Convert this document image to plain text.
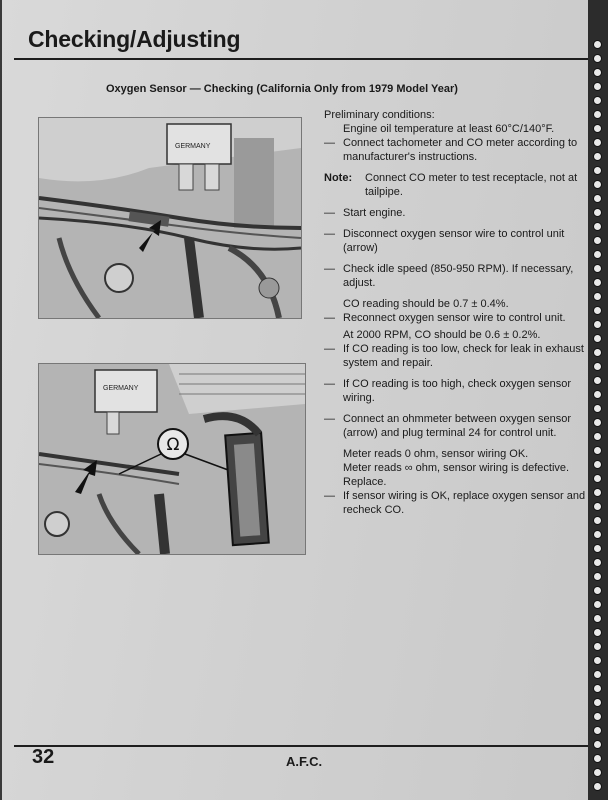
Checking/Adjusting
Oxygen Sensor — Checking (California Only from 1979 Model Year)
GERMANY
GERMANY
Ω

Preliminary conditions:

Engine oil temperature at least 60°C/140°F.

— Connect tachometer and CO meter according to manufacturer's instructions.
Note:	Connect CO meter to test receptacle, not at tailpipe.
— Start engine.
— Disconnect oxygen sensor wire to control unit (arrow)
— Check idle speed (850-950 RPM). If necessary, adjust.

CO reading should be 0.7 ± 0.4%.

— Reconnect oxygen sensor wire to control unit.

At 2000 RPM, CO should be 0.6 ± 0.2%.

— If CO reading is too low, check for leak in exhaust system and repair.
— If CO reading is too high, check oxygen sensor wiring.
— Connect an ohmmeter between oxygen sensor (arrow) and plug terminal 24 for control unit.

Meter reads 0 ohm, sensor wiring OK.

Meter reads ∞ ohm, sensor wiring is defective. Replace.

— If sensor wiring is OK, replace oxygen sensor and recheck CO.

32	A.F.C.
